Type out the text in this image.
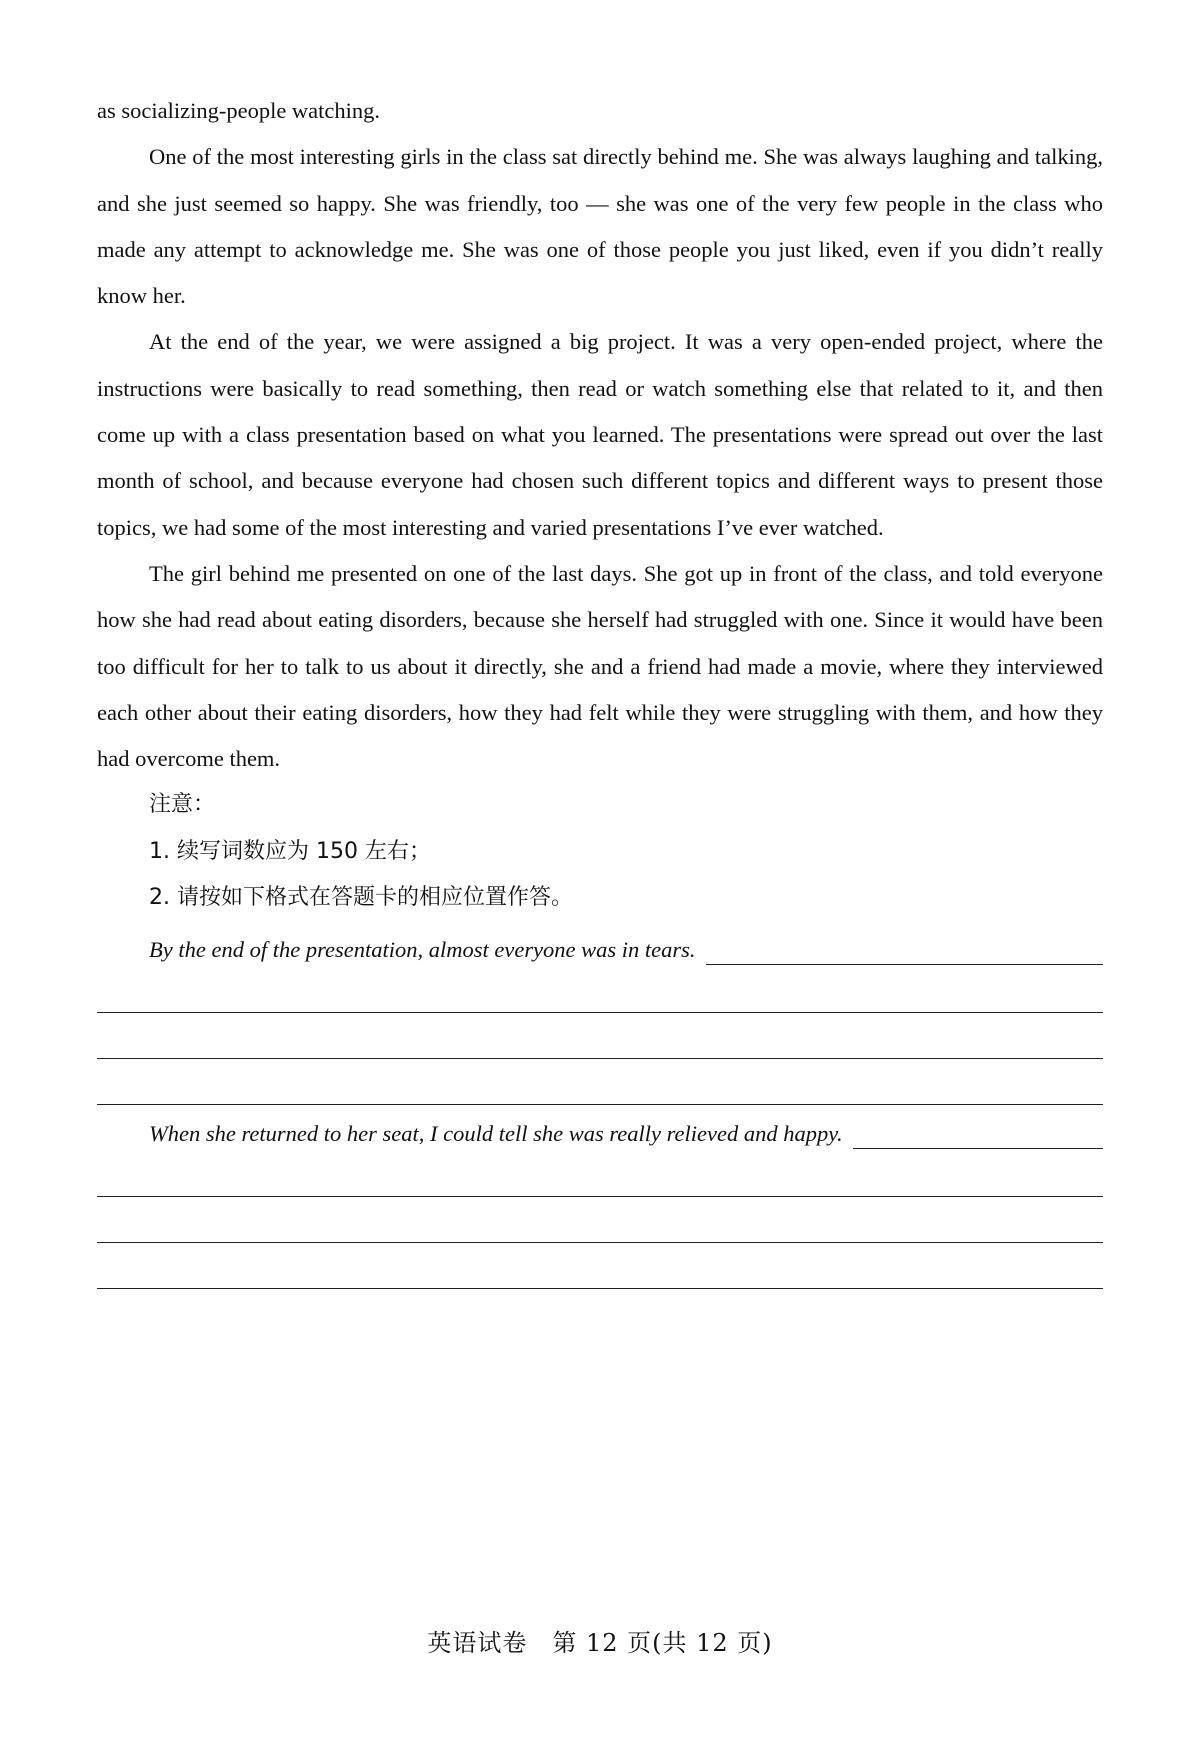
as socializing-people watching.

One of the most interesting girls in the class sat directly behind me. She was always laughing and talking, and she just seemed so happy. She was friendly, too — she was one of the very few people in the class who made any attempt to acknowledge me. She was one of those people you just liked, even if you didn’t really know her.

At the end of the year, we were assigned a big project. It was a very open-ended project, where the instructions were basically to read something, then read or watch something else that related to it, and then come up with a class presentation based on what you learned. The presentations were spread out over the last month of school, and because everyone had chosen such different topics and different ways to present those topics, we had some of the most interesting and varied presentations I’ve ever watched.

The girl behind me presented on one of the last days. She got up in front of the class, and told everyone how she had read about eating disorders, because she herself had struggled with one. Since it would have been too difficult for her to talk to us about it directly, she and a friend had made a movie, where they interviewed each other about their eating disorders, how they had felt while they were struggling with them, and how they had overcome them.

注意：

1. 续写词数应为 150 左右；

2. 请按如下格式在答题卡的相应位置作答。

By the end of the presentation, almost everyone was in tears.
When she returned to her seat, I could tell she was really relieved and happy.
英语试卷　第 12 页(共 12 页)
